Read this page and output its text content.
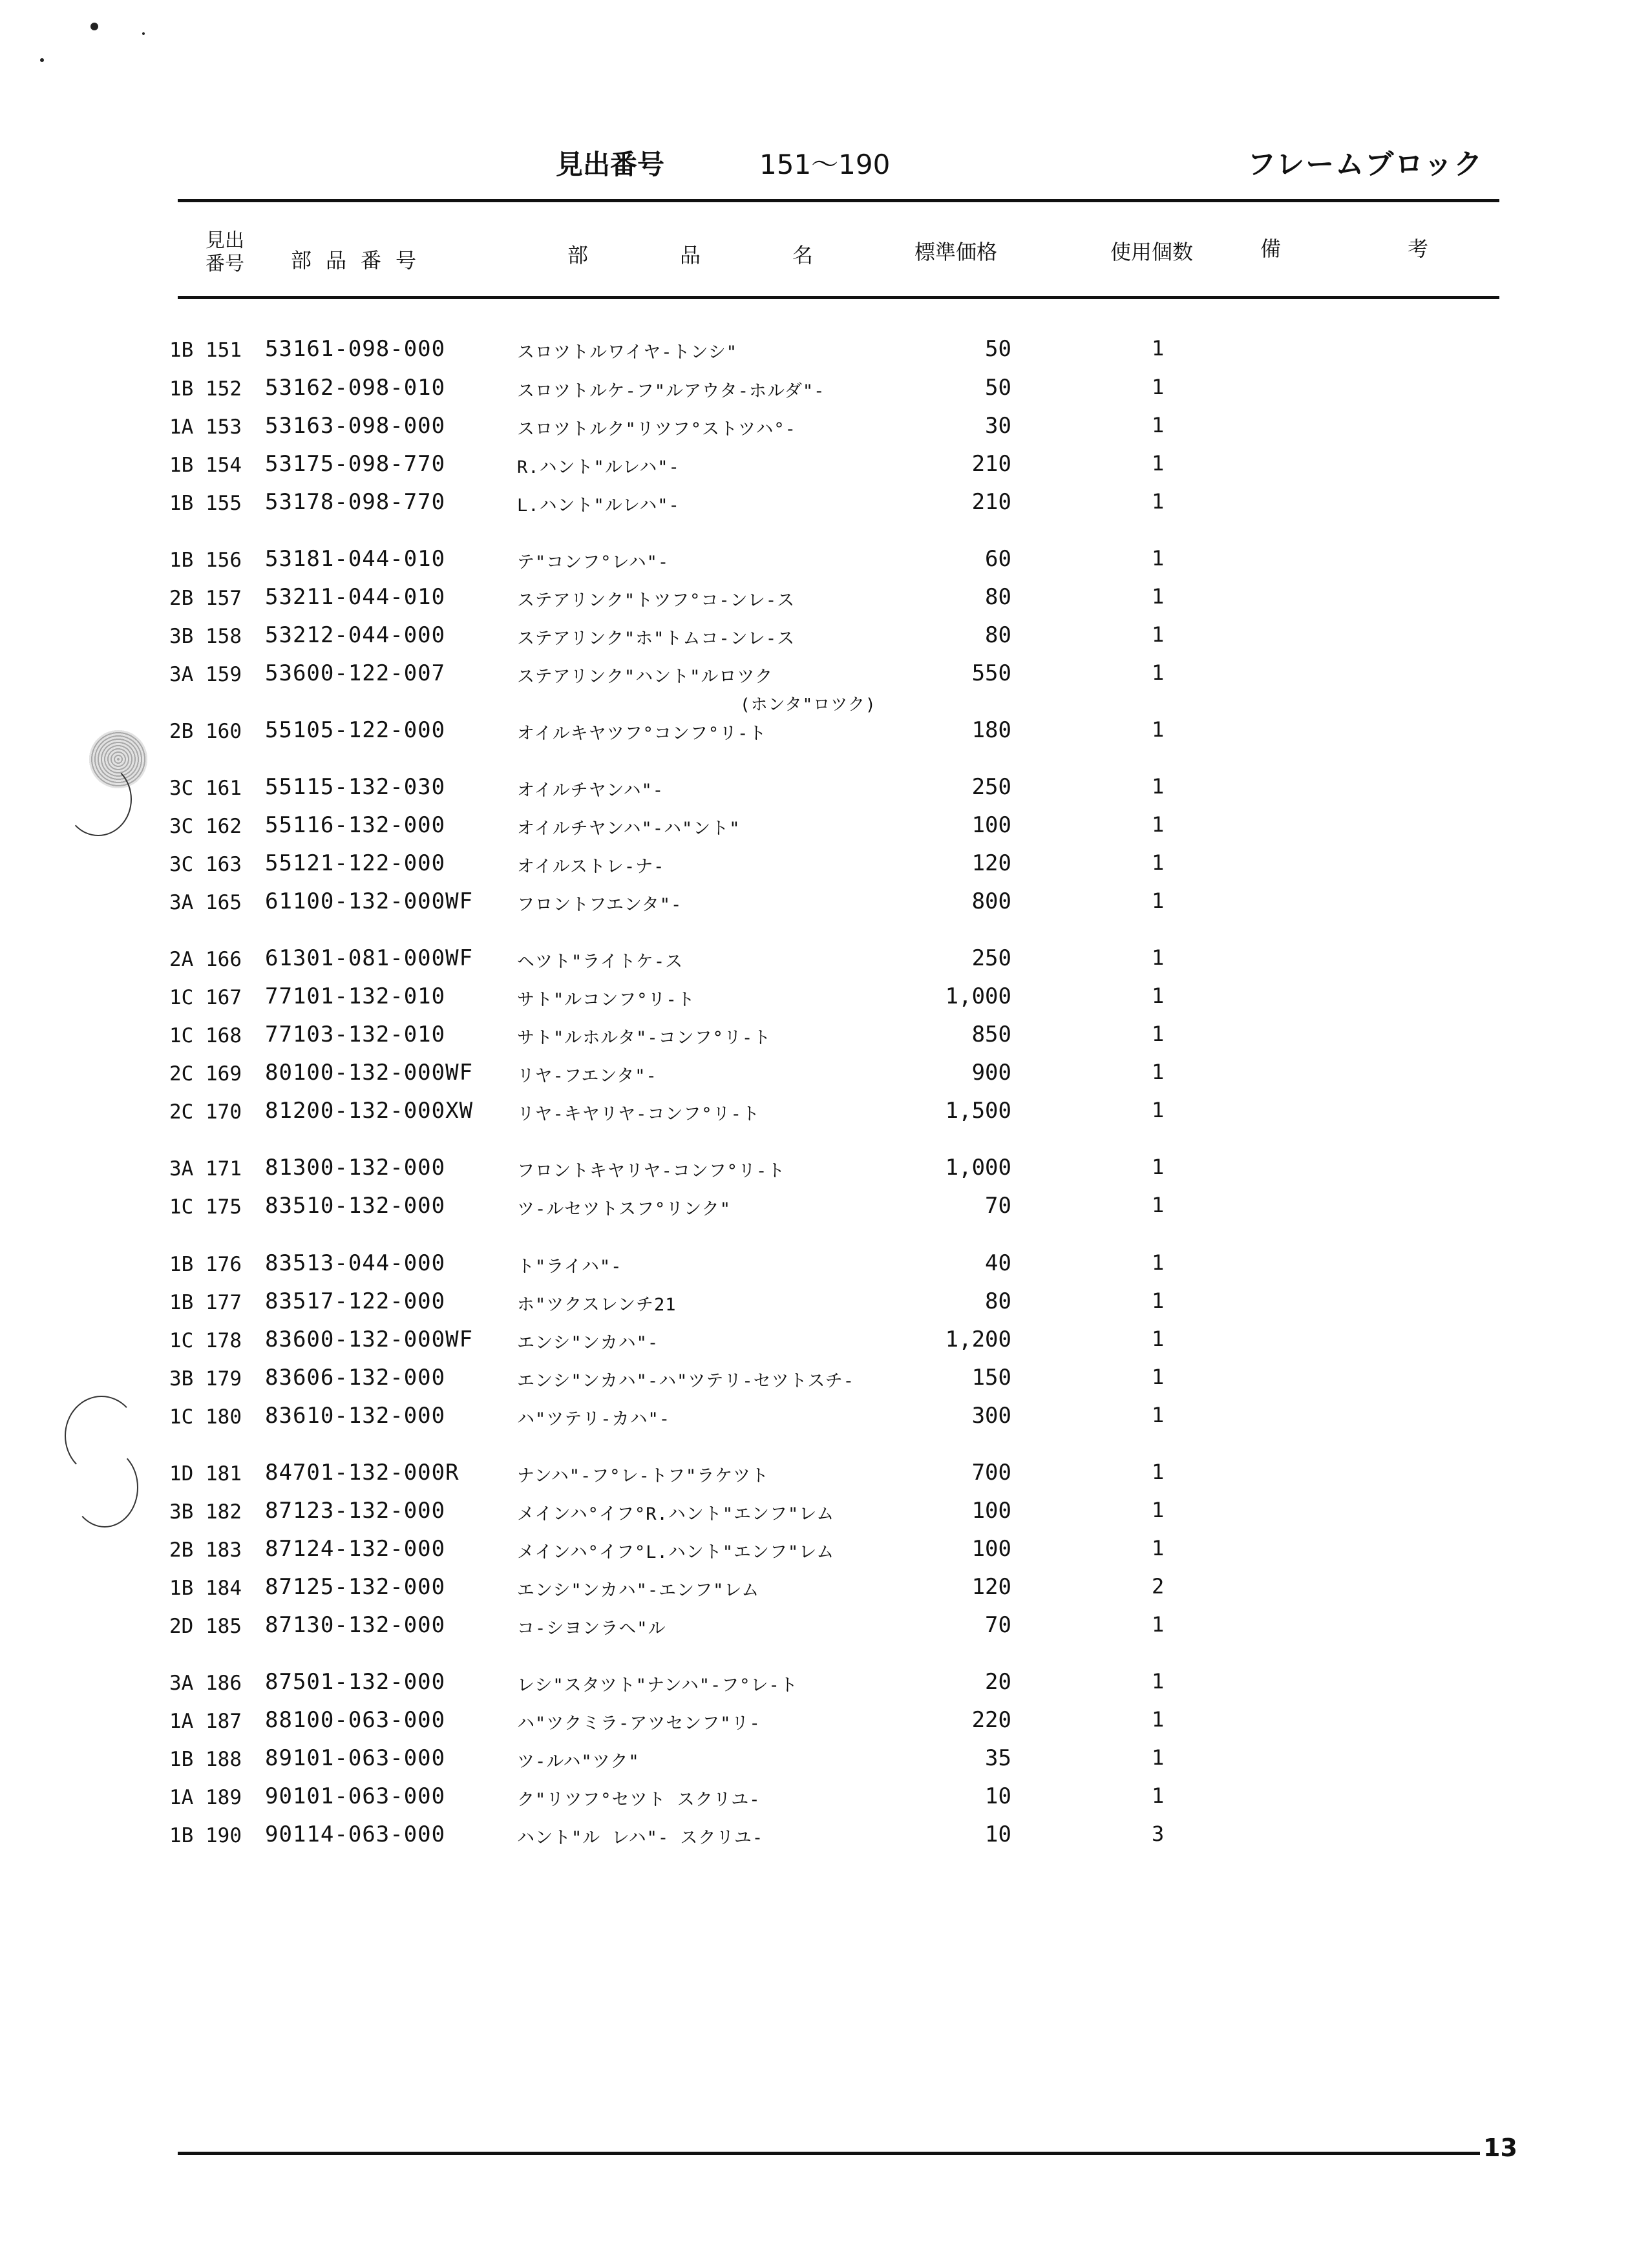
見出番号	151〜190	フレームブロック
見出
番号	部品番号	部	品	名	標準価格	使用個数	備	考
1B 151 53161-098-000	スロツトルワイヤ-トンシ"	50	1
1B 152 53162-098-010	スロツトルケ-フ"ルアウタ-ホルダ"-	50	1
1A 153 53163-098-000	スロツトルク"リツフ°ストツハ°-	30	1
1B 154 53175-098-770	R.ハント"ルレハ"-	210	1
1B 155 53178-098-770	L.ハント"ルレハ"-	210	1
1B 156 53181-044-010	テ"コンフ°レハ"-	60	1
2B 157 53211-044-010	ステアリンク"トツフ°コ-ンレ-ス	80	1
3B 158 53212-044-000	ステアリンク"ホ"トムコ-ンレ-ス	80	1
3A 159 53600-122-007	ステアリンク"ハント"ルロツク	550	1
(ホンタ"ロツク)
2B 160 55105-122-000	オイルキヤツフ°コンフ°リ-ト	180	1
3C 161 55115-132-030	オイルチヤンハ"-	250	1
3C 162 55116-132-000	オイルチヤンハ"-ハ"ント"	100	1
3C 163 55121-122-000	オイルストレ-ナ-	120	1
3A 165 61100-132-000WF	フロントフエンタ"-	800	1
2A 166 61301-081-000WF	ヘツト"ライトケ-ス	250	1
1C 167 77101-132-010	サト"ルコンフ°リ-ト	1,000	1
1C 168 77103-132-010	サト"ルホルタ"-コンフ°リ-ト	850	1
2C 169 80100-132-000WF	リヤ-フエンタ"-	900	1
2C 170 81200-132-000XW	リヤ-キヤリヤ-コンフ°リ-ト	1,500	1
3A 171 81300-132-000	フロントキヤリヤ-コンフ°リ-ト	1,000	1
1C 175 83510-132-000	ツ-ルセツトスフ°リンク"	70	1
1B 176 83513-044-000	ト"ライハ"-	40	1
1B 177 83517-122-000	ホ"ツクスレンチ21	80	1
1C 178 83600-132-000WF	エンシ"ンカハ"-	1,200	1
3B 179 83606-132-000	エンシ"ンカハ"-ハ"ツテリ-セツトスチ-	150	1
1C 180 83610-132-000	ハ"ツテリ-カハ"-	300	1
1D 181 84701-132-000R	ナンハ"-フ°レ-トフ"ラケツト	700	1
3B 182 87123-132-000	メインハ°イフ°R.ハント"エンフ"レム	100	1
2B 183 87124-132-000	メインハ°イフ°L.ハント"エンフ"レム	100	1
1B 184 87125-132-000	エンシ"ンカハ"-エンフ"レム	120	2
2D 185 87130-132-000	コ-シヨンラヘ"ル	70	1
3A 186 87501-132-000	レシ"スタツト"ナンハ"-フ°レ-ト	20	1
1A 187 88100-063-000	ハ"ツクミラ-アツセンフ"リ-	220	1
1B 188 89101-063-000	ツ-ルハ"ツク"	35	1
1A 189 90101-063-000	ク"リツフ°セツト スクリユ-	10	1
1B 190 90114-063-000	ハント"ル レハ"- スクリユ-	10	3
13
